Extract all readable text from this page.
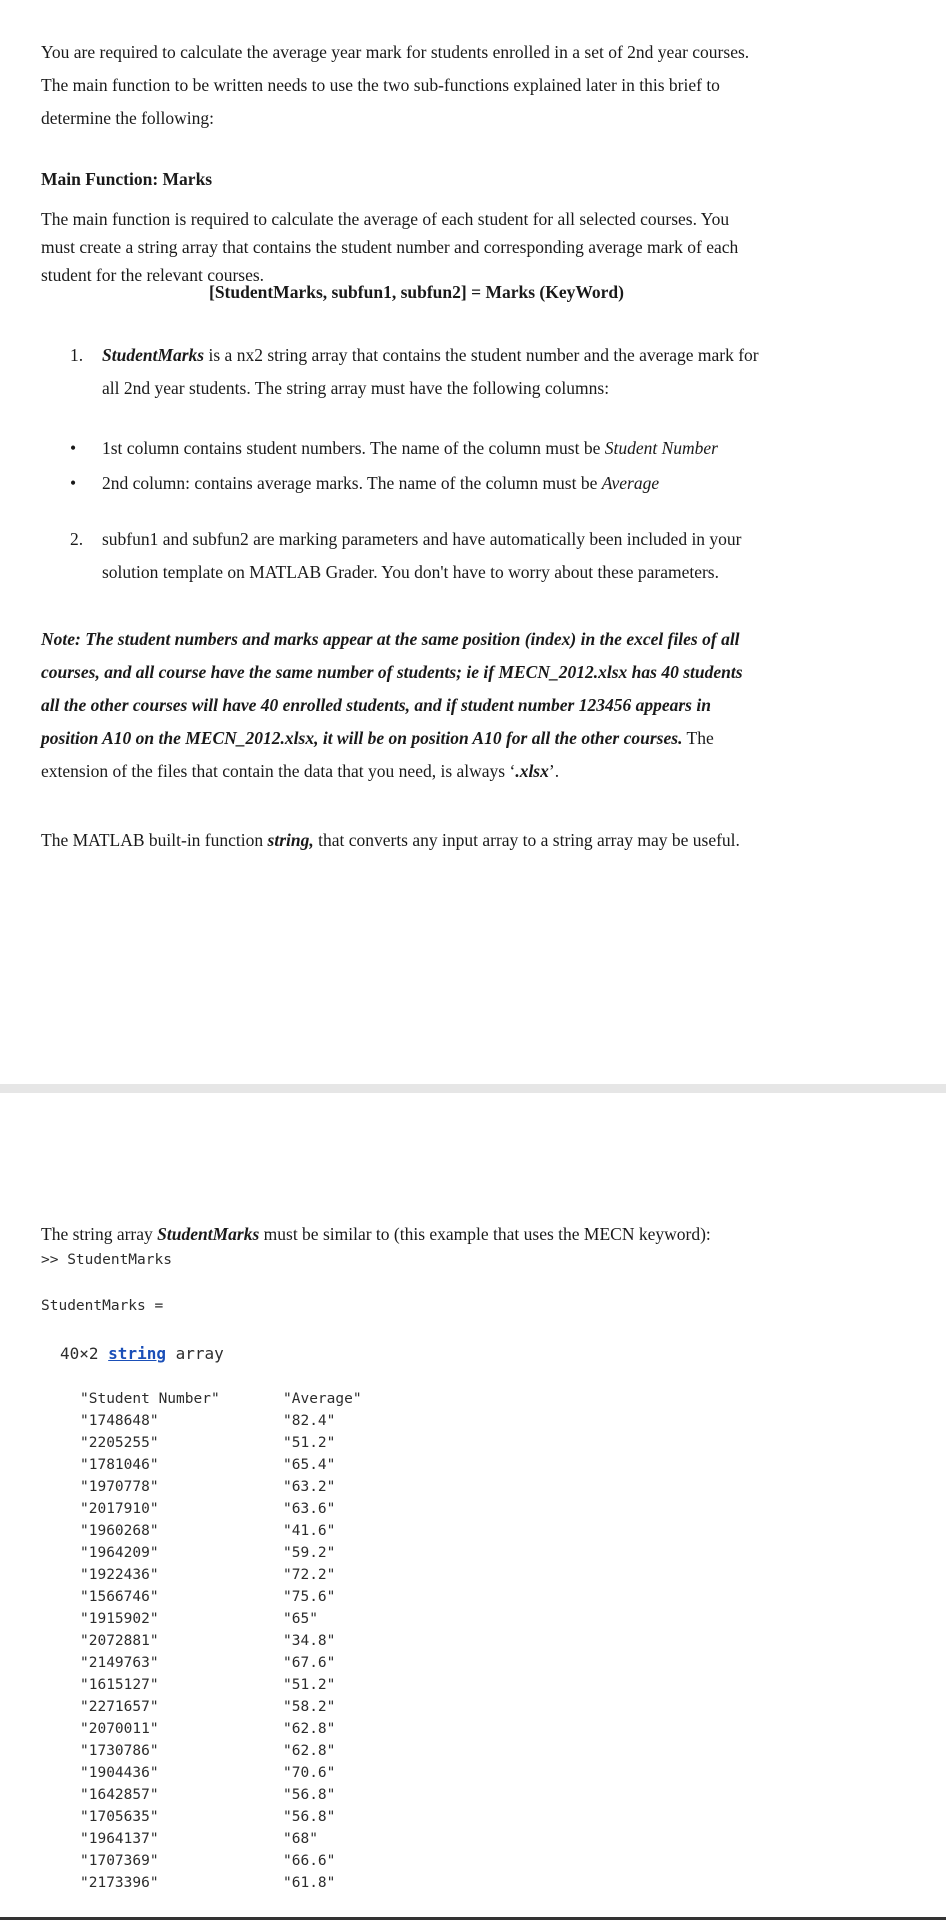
You are required to calculate the average year mark for students enrolled in a set of 2nd year courses.
The main function to be written needs to use the two sub-functions explained later in this brief to
determine the following:
Main Function: Marks
The main function is required to calculate the average of each student for all selected courses. You
must create a string array that contains the student number and corresponding average mark of each
student for the relevant courses.
[StudentMarks, subfun1, subfun2] = Marks (KeyWord)
1. StudentMarks is a nx2 string array that contains the student number and the average mark for
all 2nd year students. The string array must have the following columns:
• 1st column contains student numbers. The name of the column must be Student Number
• 2nd column: contains average marks. The name of the column must be Average
2. subfun1 and subfun2 are marking parameters and have automatically been included in your
solution template on MATLAB Grader. You don't have to worry about these parameters.
Note: The student numbers and marks appear at the same position (index) in the excel files of all
courses, and all course have the same number of students; ie if MECN_2012.xlsx has 40 students
all the other courses will have 40 enrolled students, and if student number 123456 appears in
position A10 on the MECN_2012.xlsx, it will be on position A10 for all the other courses. The
extension of the files that contain the data that you need, is always ‘.xlsx’.
The MATLAB built-in function string, that converts any input array to a string array may be useful.
The string array StudentMarks must be similar to (this example that uses the MECN keyword):
>> StudentMarks
StudentMarks =
40×2 string array
"Student Number"	"Average"
"1748648"	"82.4"
"2205255"	"51.2"
"1781046"	"65.4"
"1970778"	"63.2"
"2017910"	"63.6"
"1960268"	"41.6"
"1964209"	"59.2"
"1922436"	"72.2"
"1566746"	"75.6"
"1915902"	"65"
"2072881"	"34.8"
"2149763"	"67.6"
"1615127"	"51.2"
"2271657"	"58.2"
"2070011"	"62.8"
"1730786"	"62.8"
"1904436"	"70.6"
"1642857"	"56.8"
"1705635"	"56.8"
"1964137"	"68"
"1707369"	"66.6"
"2173396"	"61.8"
